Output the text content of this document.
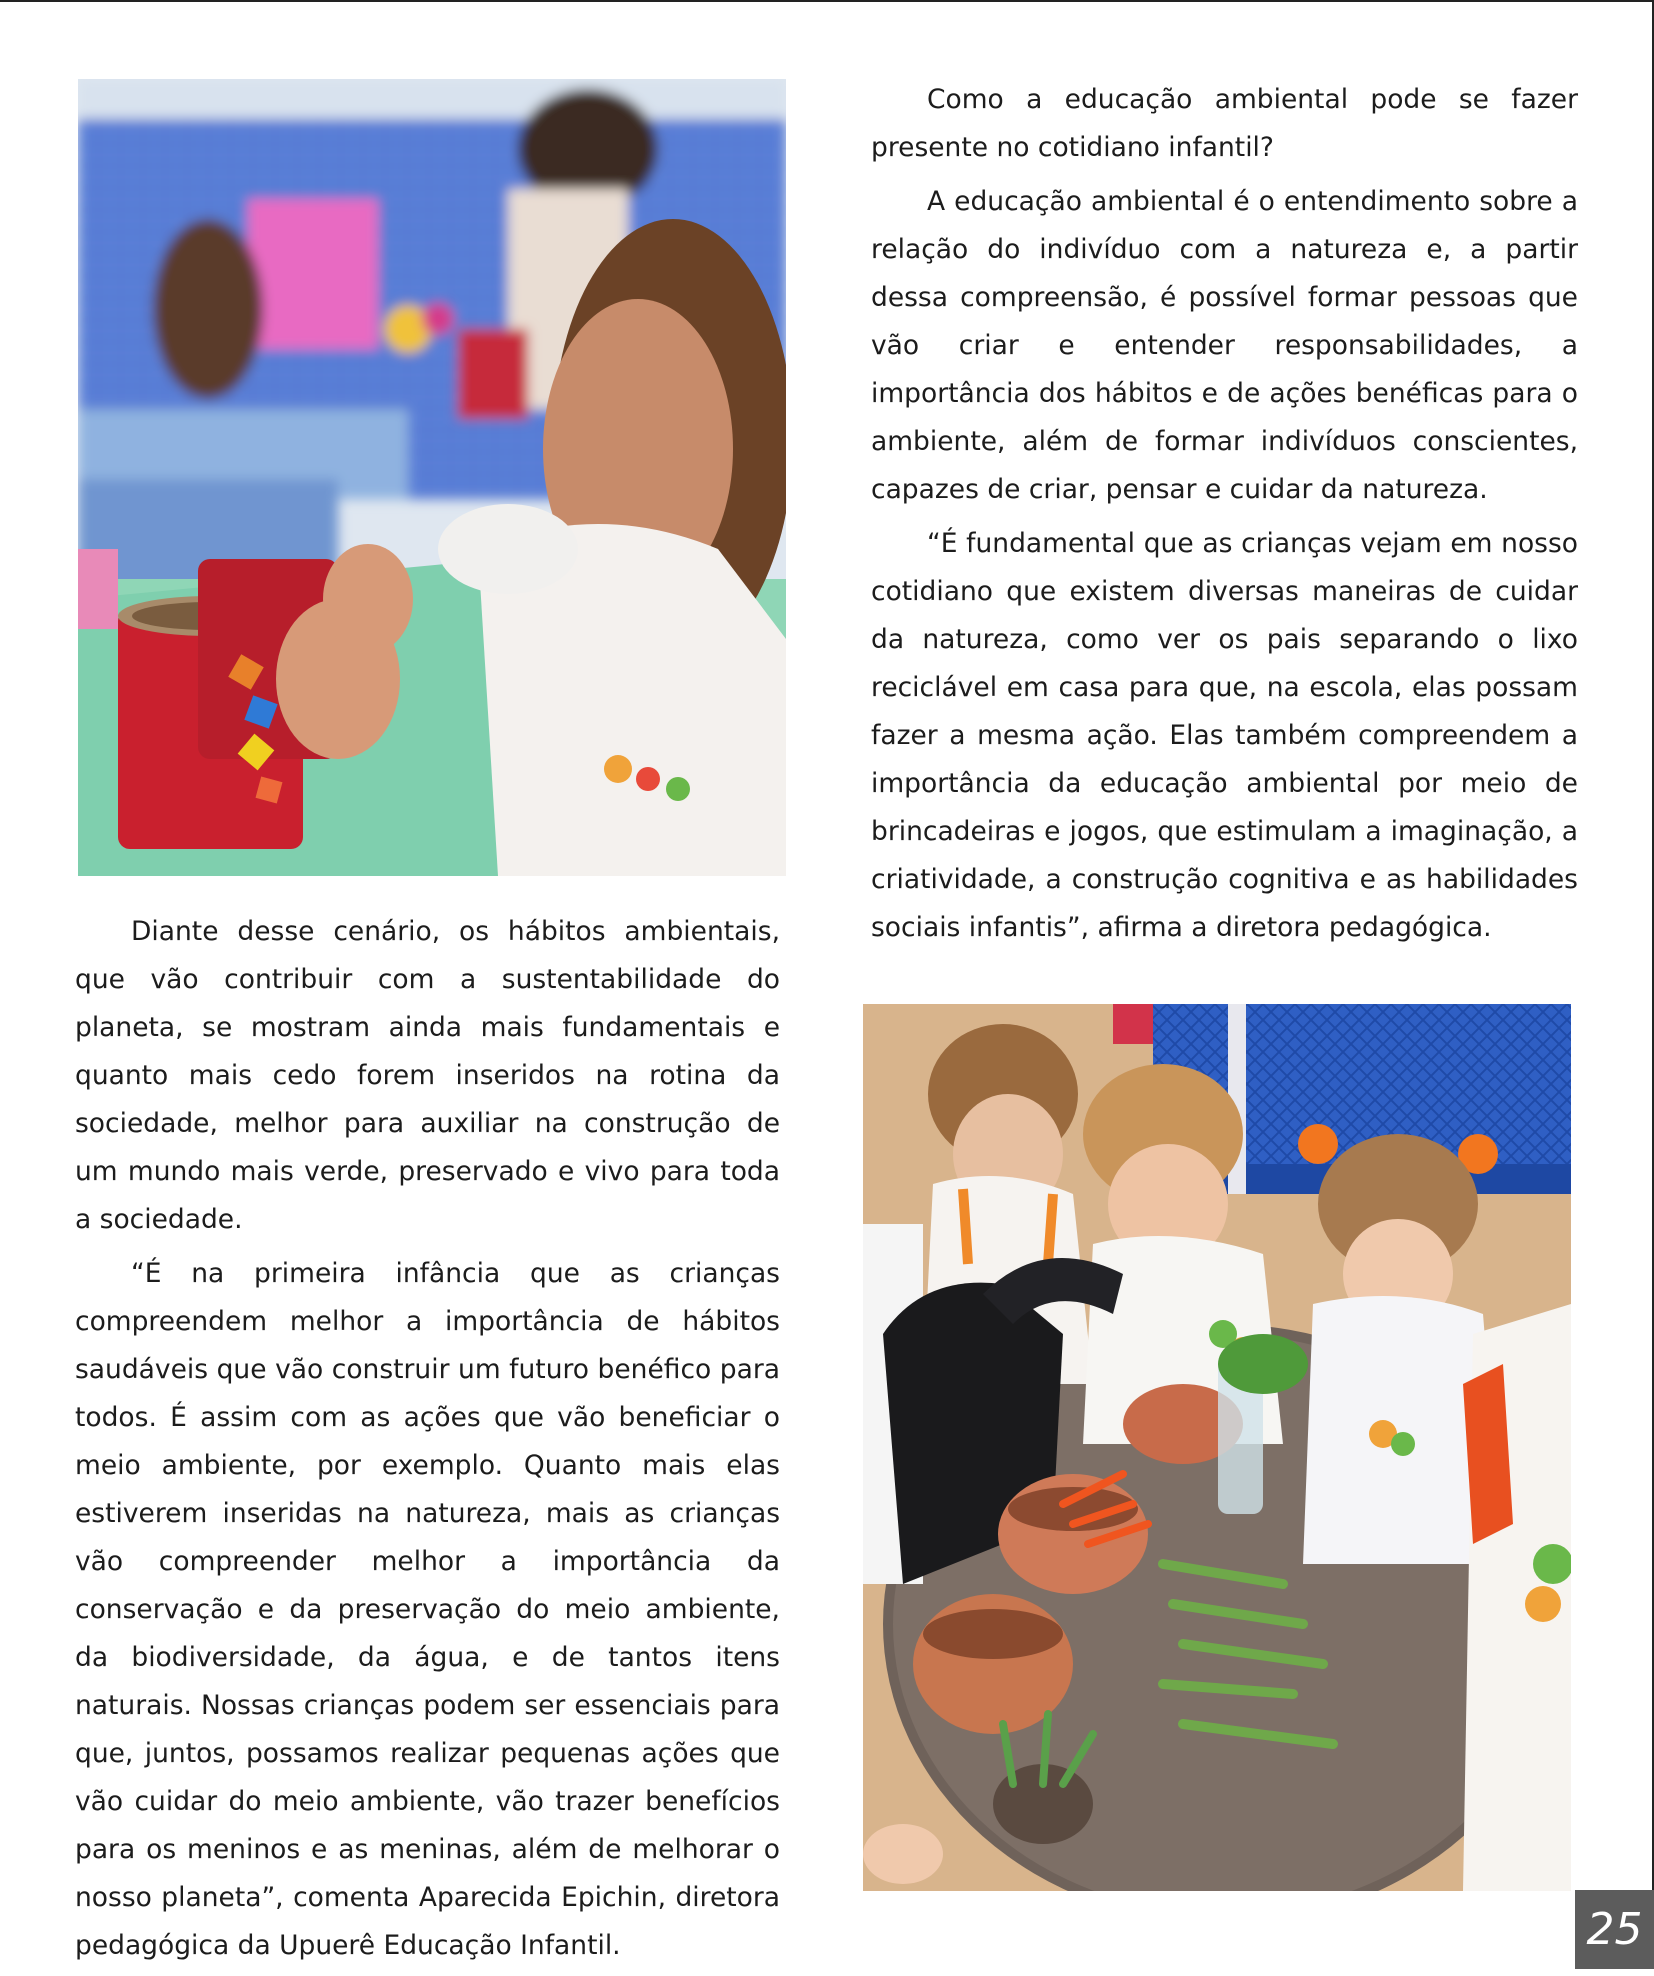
Como a educação ambiental pode se fazer presente no cotidiano infantil?

A educação ambiental é o entendimento sobre a relação do indivíduo com a natureza e, a partir dessa compreensão, é possível formar pessoas que vão criar e entender responsabilidades, a importância dos hábitos e de ações benéficas para o ambiente, além de formar indivíduos conscientes, capazes de criar, pensar e cuidar da natureza.

“É fundamental que as crianças vejam em nosso cotidiano que existem diversas maneiras de cuidar da natureza, como ver os pais separando o lixo reciclável em casa para que, na escola, elas possam fazer a mesma ação. Elas também compreendem a importância da educação ambiental por meio de brincadeiras e jogos, que estimulam a imaginação, a criatividade, a construção cognitiva e as habilidades sociais infantis”, afirma a diretora pedagógica.

Diante desse cenário, os hábitos ambientais, que vão contribuir com a sustentabilidade do planeta, se mostram ainda mais fundamentais e quanto mais cedo forem inseridos na rotina da sociedade, melhor para auxiliar na construção de um mundo mais verde, preservado e vivo para toda a sociedade.

“É na primeira infância que as crianças compreendem melhor a importância de hábitos saudáveis que vão construir um futuro benéfico para todos. É assim com as ações que vão beneficiar o meio ambiente, por exemplo. Quanto mais elas estiverem inseridas na natureza, mais as crianças vão compreender melhor a importância da conservação e da preservação do meio ambiente, da biodiversidade, da água, e de tantos itens naturais. Nossas crianças podem ser essenciais para que, juntos, possamos realizar pequenas ações que vão cuidar do meio ambiente, vão trazer benefícios para os meninos e as meninas, além de melhorar o nosso planeta”, comenta Aparecida Epichin, diretora pedagógica da Upuerê Educação Infantil.	25
